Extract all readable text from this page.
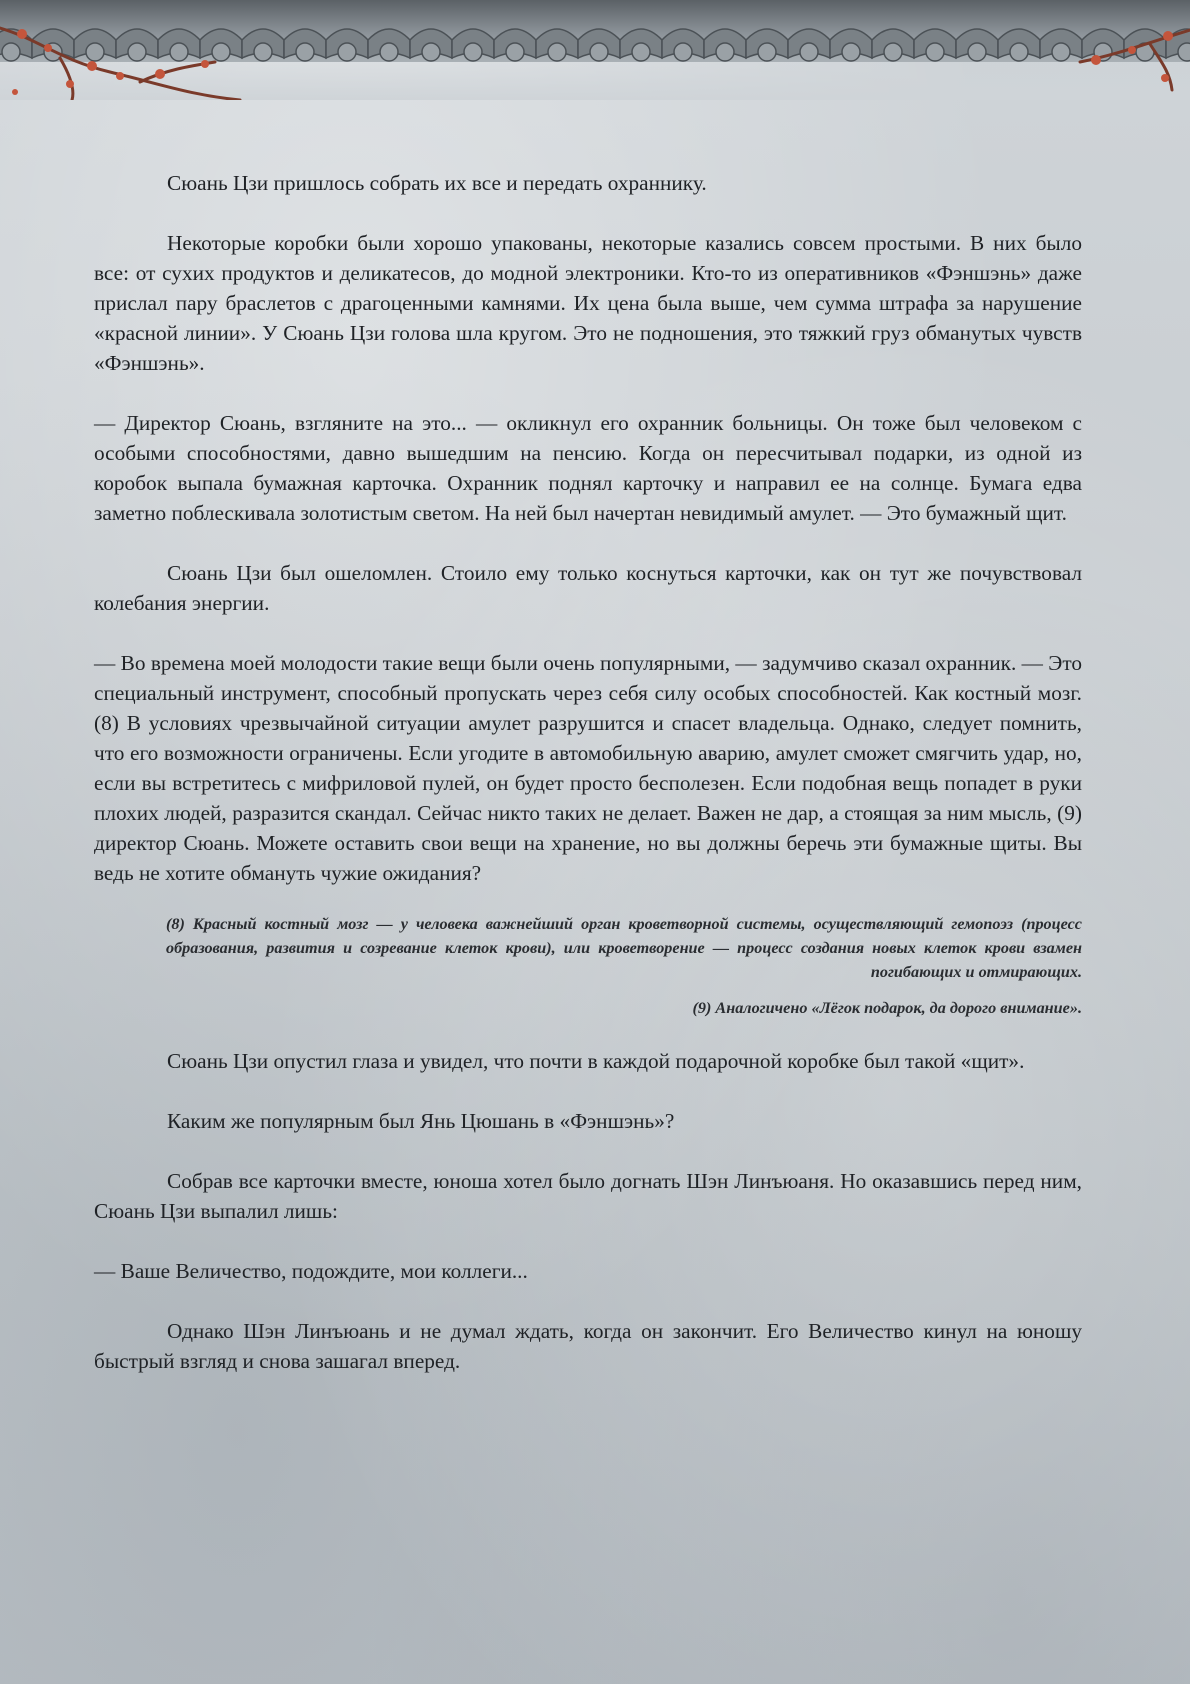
Сюань Цзи пришлось собрать их все и передать охраннику.

Некоторые коробки были хорошо упакованы, некоторые казались совсем простыми. В них было все: от сухих продуктов и деликатесов, до модной электроники. Кто-то из оперативников «Фэншэнь» даже прислал пару браслетов с драгоценными камнями. Их цена была выше, чем сумма штрафа за нарушение «красной линии». У Сюань Цзи голова шла кругом. Это не подношения, это тяжкий груз обманутых чувств «Фэншэнь».

— Директор Сюань, взгляните на это... — окликнул его охранник больницы. Он тоже был человеком с особыми способностями, давно вышедшим на пенсию. Когда он пересчитывал подарки, из одной из коробок выпала бумажная карточка. Охранник поднял карточку и направил ее на солнце. Бумага едва заметно поблескивала золотистым светом. На ней был начертан невидимый амулет. — Это бумажный щит.

Сюань Цзи был ошеломлен. Стоило ему только коснуться карточки, как он тут же почувствовал колебания энергии.

— Во времена моей молодости такие вещи были очень популярными, — задумчиво сказал охранник. — Это специальный инструмент, способный пропускать через себя силу особых способностей. Как костный мозг. (8) В условиях чрезвычайной ситуации амулет разрушится и спасет владельца. Однако, следует помнить, что его возможности ограничены. Если угодите в автомобильную аварию, амулет сможет смягчить удар, но, если вы встретитесь с мифриловой пулей, он будет просто бесполезен. Если подобная вещь попадет в руки плохих людей, разразится скандал. Сейчас никто таких не делает. Важен не дар, а стоящая за ним мысль, (9) директор Сюань. Можете оставить свои вещи на хранение, но вы должны беречь эти бумажные щиты. Вы ведь не хотите обмануть чужие ожидания?

(8) Красный костный мозг — у человека важнейший орган кроветворной системы, осуществляющий гемопоэз (процесс образования, развития и созревание клеток крови), или кроветворение — процесс создания новых клеток крови взамен погибающих и отмирающих.

(9) Аналогичено «Лёгок подарок, да дорого внимание».

Сюань Цзи опустил глаза и увидел, что почти в каждой подарочной коробке был такой «щит».

Каким же популярным был Янь Цюшань в «Фэншэнь»?

Собрав все карточки вместе, юноша хотел было догнать Шэн Линъюаня. Но оказавшись перед ним, Сюань Цзи выпалил лишь:

— Ваше Величество, подождите, мои коллеги...

Однако Шэн Линъюань и не думал ждать, когда он закончит. Его Величество кинул на юношу быстрый взгляд и снова зашагал вперед.
